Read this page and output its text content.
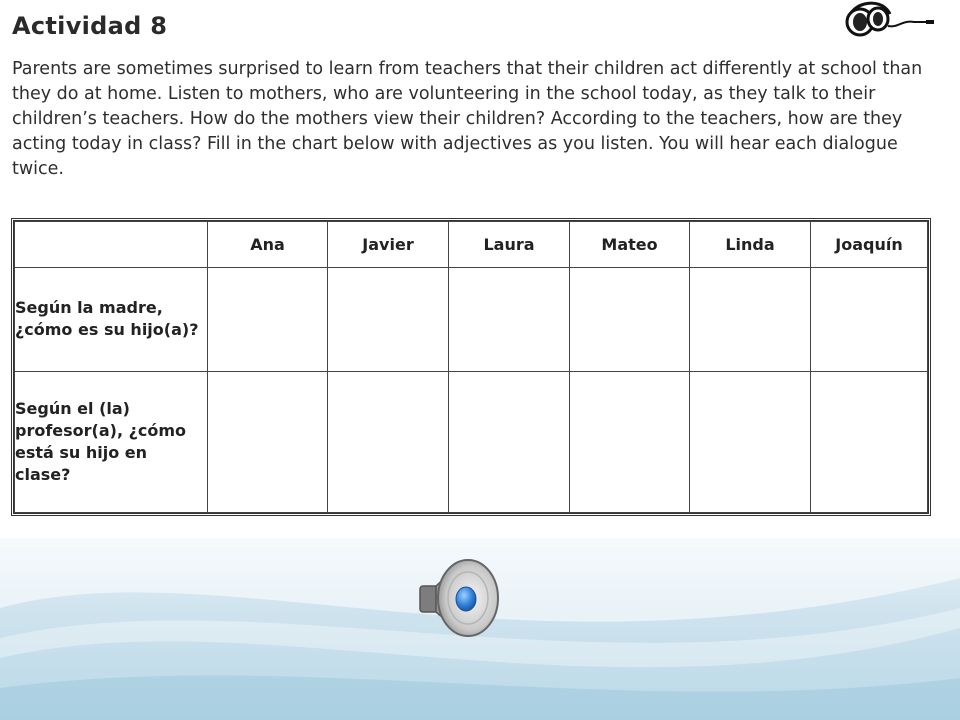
Actividad 8
Parents are sometimes surprised to learn from teachers that their children act differently at school than they do at home. Listen to mothers, who are volunteering in the school today, as they talk to their children’s teachers. How do the mothers view their children? According to the teachers, how are they acting today in class? Fill in the chart below with adjectives as you listen. You will hear each dialogue twice.
	Ana	Javier	Laura	Mateo	Linda	Joaquín
Según la madre, ¿cómo es su hijo(a)?						
Según el (la) profesor(a), ¿cómo está su hijo en clase?						
